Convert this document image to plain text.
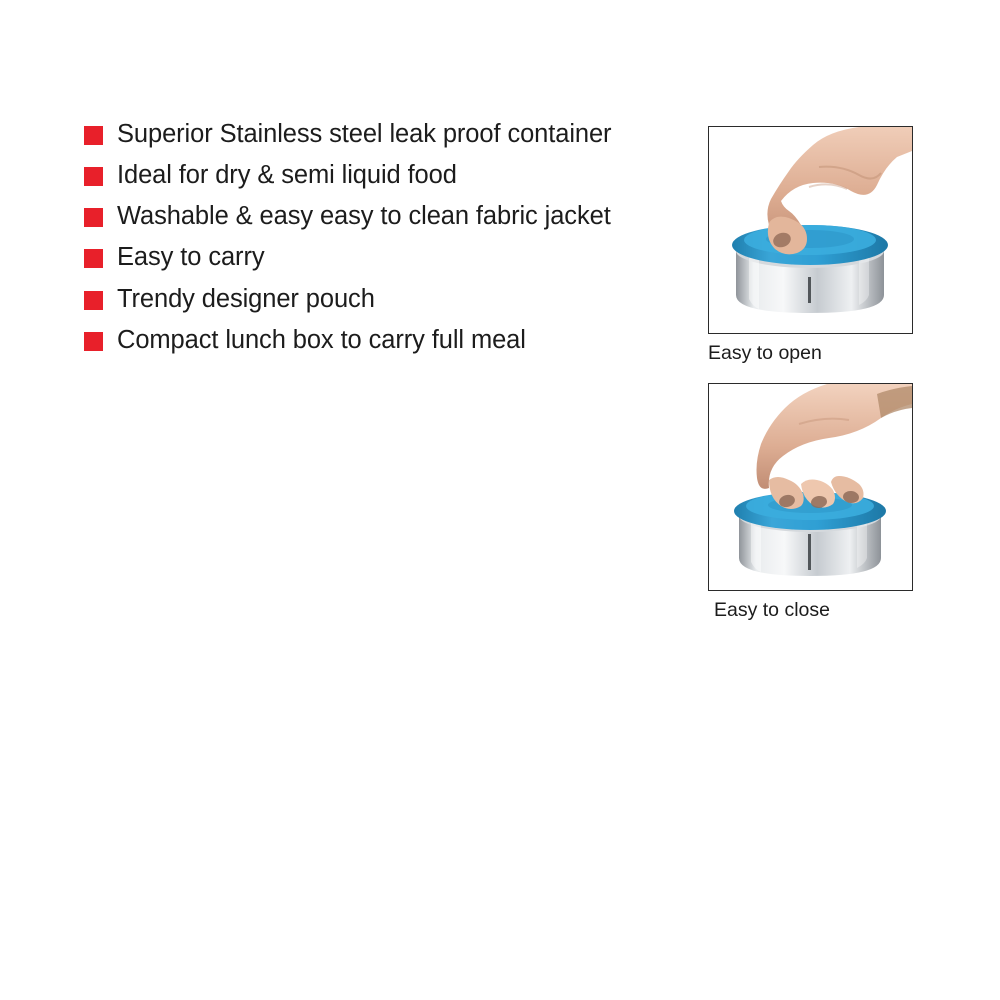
Superior Stainless steel leak proof container
Ideal for dry & semi liquid food
Washable & easy easy to clean fabric jacket
Easy to carry
Trendy designer pouch
Compact lunch box to carry full meal	Easy to open
Easy to close
